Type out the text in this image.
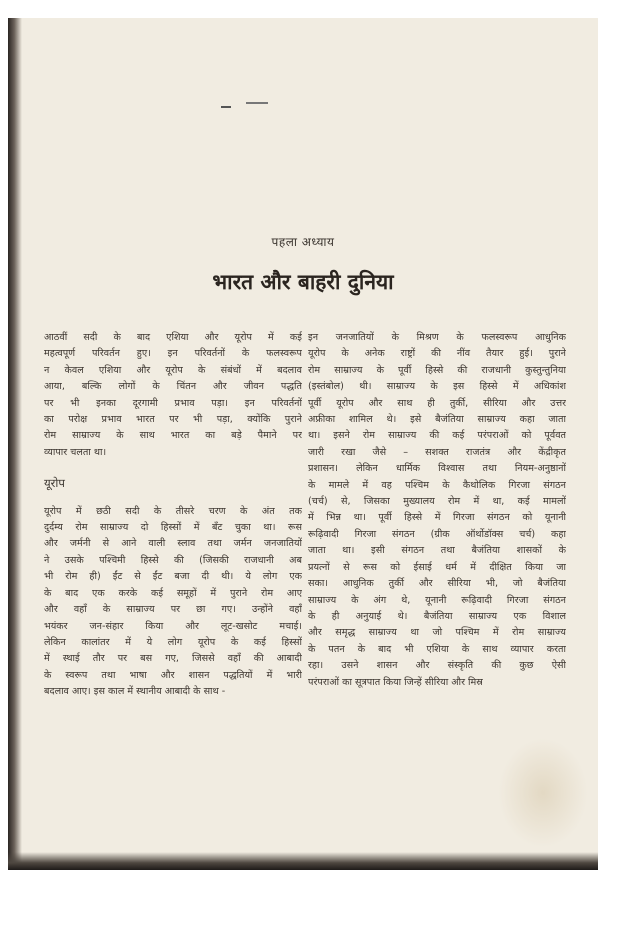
पहला अध्याय
भारत और बाहरी दुनिया

आठवीं सदी के बाद एशिया और यूरोप में कई
महत्वपूर्ण परिवर्तन हुए। इन परिवर्तनों के फलस्वरूप
न केवल एशिया और यूरोप के संबंधों में बदलाव
आया, बल्कि लोगों के चिंतन और जीवन पद्धति
पर भी इनका दूरगामी प्रभाव पड़ा। इन परिवर्तनों
का परोक्ष प्रभाव भारत पर भी पड़ा, क्योंकि पुराने
रोम साम्राज्य के साथ भारत का बड़े पैमाने पर
व्यापार चलता था।

यूरोप

यूरोप में छठी सदी के तीसरे चरण के अंत तक
दुर्दम्य रोम साम्राज्य दो हिस्सों में बँट चुका था। रूस
और जर्मनी से आने वाली स्लाव तथा जर्मन जनजातियों
ने उसके पश्चिमी हिस्से की (जिसकी राजधानी अब
भी रोम ही) ईंट से ईंट बजा दी थी। ये लोग एक
के बाद एक करके कई समूहों में पुराने रोम आए
और वहाँ के साम्राज्य पर छा गए। उन्होंने वहाँ
भयंकर जन-संहार किया और लूट-खसोट मचाई।
लेकिन कालांतर में ये लोग यूरोप के कई हिस्सों
में स्थाई तौर पर बस गए, जिससे वहाँ की आबादी
के स्वरूप तथा भाषा और शासन पद्धतियों में भारी
बदलाव आए। इस काल में स्थानीय आबादी के साथ -

इन जनजातियों के मिश्रण के फलस्वरूप आधुनिक
यूरोप के अनेक राष्ट्रों की नींव तैयार हुई। पुराने
रोम साम्राज्य के पूर्वी हिस्से की राजधानी कुस्तुन्तुनिया
(इस्तंबोल) थी। साम्राज्य के इस हिस्से में अधिकांश
पूर्वी यूरोप और साथ ही तुर्की, सीरिया और उत्तर
अफ्रीका शामिल थे। इसे बैजंतिया साम्राज्य कहा जाता
था। इसने रोम साम्राज्य की कई परंपराओं को पूर्ववत
जारी रखा जैसे – सशक्त राजतंत्र और केंद्रीकृत
प्रशासन। लेकिन धार्मिक विश्वास तथा नियम-अनुष्ठानों
के मामले में वह पश्चिम के कैथोलिक गिरजा संगठन
(चर्च) से, जिसका मुख्यालय रोम में था, कई मामलों
में भिन्न था। पूर्वी हिस्से में गिरजा संगठन को यूनानी
रूढ़िवादी गिरजा संगठन (ग्रीक ऑर्थोडॉक्स चर्च) कहा
जाता था। इसी संगठन तथा बैजंतिया शासकों के
प्रयत्नों से रूस को ईसाई धर्म में दीक्षित किया जा
सका। आधुनिक तुर्की और सीरिया भी, जो बैजंतिया
साम्राज्य के अंग थे, यूनानी रूढ़िवादी गिरजा संगठन
के ही अनुयाई थे। बैजंतिया साम्राज्य एक विशाल
और समृद्ध साम्राज्य था जो पश्चिम में रोम साम्राज्य
के पतन के बाद भी एशिया के साथ व्यापार करता
रहा। उसने शासन और संस्कृति की कुछ ऐसी
परंपराओं का सूत्रपात किया जिन्हें सीरिया और मिस्र
